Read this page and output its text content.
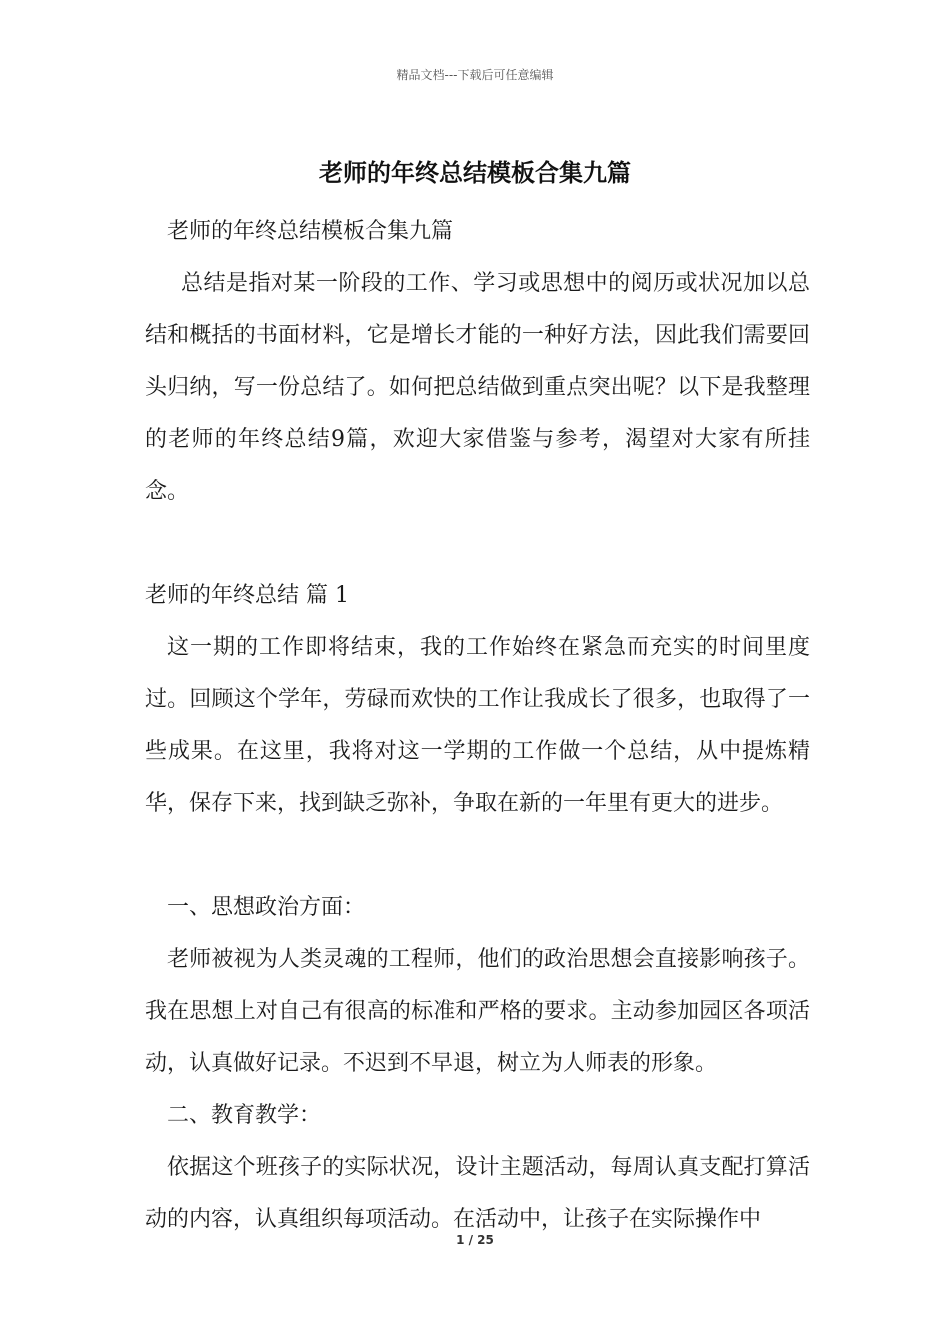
精品文档---下载后可任意编辑
老师的年终总结模板合集九篇

老师的年终总结模板合集九篇

总结是指对某一阶段的工作、学习或思想中的阅历或状况加以总结和概括的书面材料，它是增长才能的一种好方法，因此我们需要回头归纳，写一份总结了。如何把总结做到重点突出呢？以下是我整理的老师的年终总结9篇，欢迎大家借鉴与参考，渴望对大家有所挂念。

老师的年终总结 篇 1

这一期的工作即将结束，我的工作始终在紧急而充实的时间里度过。回顾这个学年，劳碌而欢快的工作让我成长了很多，也取得了一些成果。在这里，我将对这一学期的工作做一个总结，从中提炼精华，保存下来，找到缺乏弥补，争取在新的一年里有更大的进步。

一、思想政治方面：

老师被视为人类灵魂的工程师，他们的政治思想会直接影响孩子。我在思想上对自己有很高的标准和严格的要求。主动参加园区各项活动，认真做好记录。不迟到不早退，树立为人师表的形象。

二、教育教学：

依据这个班孩子的实际状况，设计主题活动，每周认真支配打算活动的内容，认真组织每项活动。在活动中，让孩子在实际操作中

1 / 25
